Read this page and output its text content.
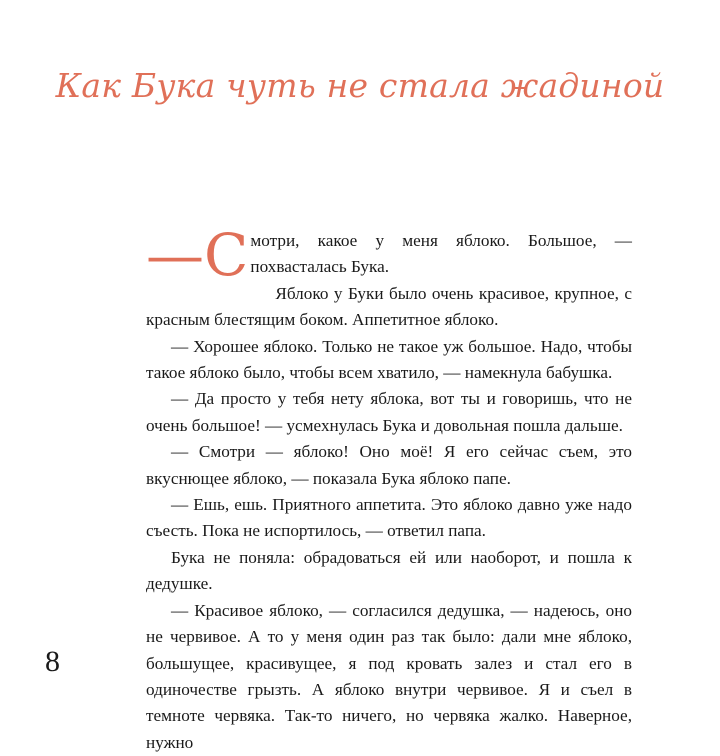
Как Бука чуть не стала жадиной

—С мотри, какое у меня яблоко. Большое, — похвасталась Бука.

Яблоко у Буки было очень красивое, крупное, с красным блестящим боком. Аппетитное яблоко.

— Хорошее яблоко. Только не такое уж большое. Надо, чтобы такое яблоко было, чтобы всем хватило, — намекнула бабушка.

— Да просто у тебя нету яблока, вот ты и говоришь, что не очень большое! — усмехнулась Бука и довольная пошла дальше.

— Смотри — яблоко! Оно моё! Я его сейчас съем, это вкуснющее яблоко, — показала Бука яблоко папе.

— Ешь, ешь. Приятного аппетита. Это яблоко давно уже надо съесть. Пока не испортилось, — ответил папа.

Бука не поняла: обрадоваться ей или наоборот, и пошла к дедушке.

— Красивое яблоко, — согласился дедушка, — надеюсь, оно не червивое. А то у меня один раз так было: дали мне яблоко, большущее, красивущее, я под кровать залез и стал его в одиночестве грызть. А яблоко внутри червивое. Я и съел в темноте червяка. Так-то ничего, но червяка жалко. Наверное, нужно

8
